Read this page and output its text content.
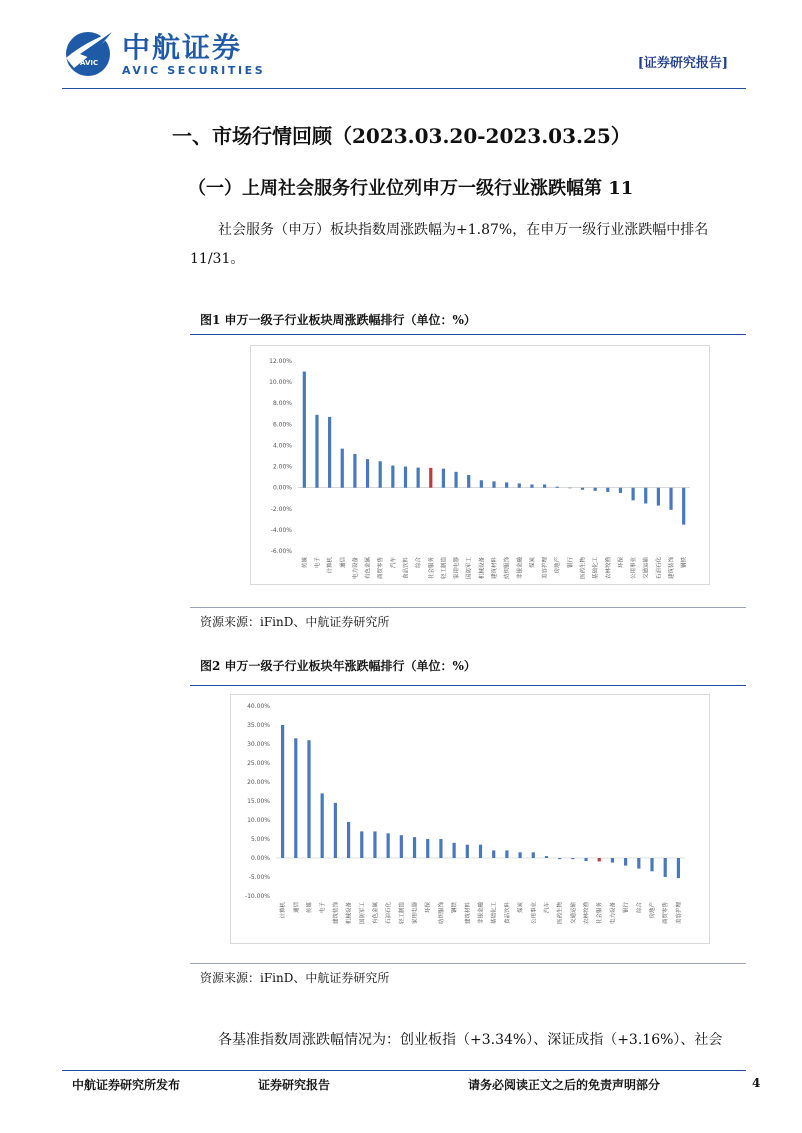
AVIC 中航证券
AVIC SECURITIES	[证券研究报告]
一、市场行情回顾（2023.03.20-2023.03.25）
（一）上周社会服务行业位列申万一级行业涨跌幅第 11
社会服务（申万）板块指数周涨跌幅为+1.87%，在申万一级行业涨跌幅中排名 11/31。
图1 申万一级子行业板块周涨跌幅排行（单位：%）
-6.00%
-4.00%
-2.00%
0.00%
2.00%
4.00%
6.00%
8.00%
10.00%
12.00%
传媒	电子	计算机	通信	电力设备	有色金属	商贸零售	汽车	食品饮料	综合	社会服务	轻工制造	家用电器	国防军工	机械设备	建筑材料	纺织服饰	非银金融	煤炭	美容护理	房地产	银行	医药生物	基础化工	农林牧渔	环保	公用事业	交通运输	石油石化	建筑装饰	钢铁
资源来源：iFinD、中航证券研究所
图2 申万一级子行业板块年涨跌幅排行（单位：%）
-10.00%
-5.00%
0.00%
5.00%
10.00%
15.00%
20.00%
25.00%
30.00%
35.00%
40.00%
计算机	通信	传媒	电子	建筑装饰	机械设备	国防军工	有色金属	石油石化	轻工制造	家用电器	环保	纺织服饰	钢铁	建筑材料	非银金融	基础化工	食品饮料	煤炭	公用事业	汽车	医药生物	交通运输	农林牧渔	社会服务	电力设备	银行	综合	房地产	商贸零售	美容护理
资源来源：iFinD、中航证券研究所
各基准指数周涨跌幅情况为：创业板指（+3.34%）、深证成指（+3.16%）、社会
中航证券研究所发布	证券研究报告	请务必阅读正文之后的免责声明部分	4
